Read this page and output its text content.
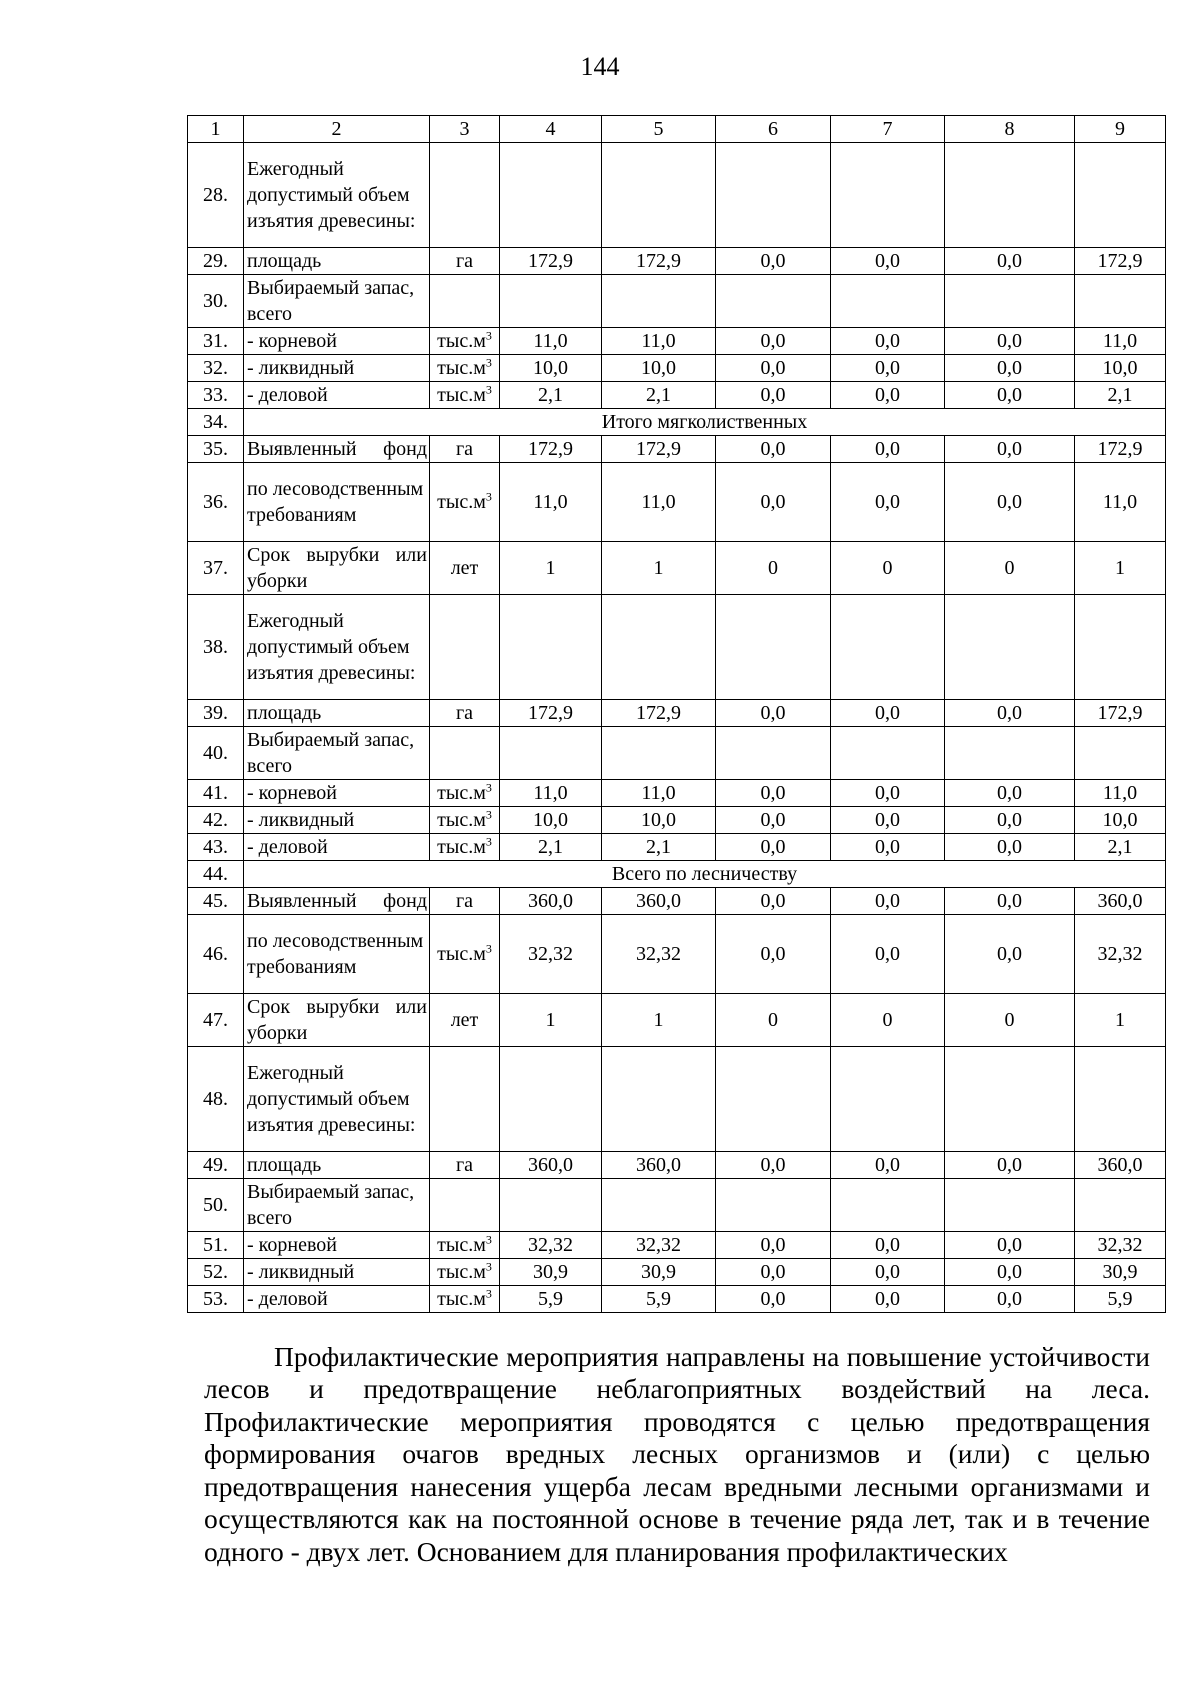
144
1	2	3	4	5	6	7	8	9
28.	Ежегодный допустимый объем изъятия древесины:							
29.	площадь	га	172,9	172,9	0,0	0,0	0,0	172,9
30.	Выбираемый запас, всего							
31.	- корневой	$тыс.м^3$	11,0	11,0	0,0	0,0	0,0	11,0
32.	- ликвидный	$тыс.м^3$	10,0	10,0	0,0	0,0	0,0	10,0
33.	- деловой	$тыс.м^3$	2,1	2,1	0,0	0,0	0,0	2,1
34.	Итого мягколиственных							
35.	Выявленный фонд	га	172,9	172,9	0,0	0,0	0,0	172,9
36.	по лесоводственным требованиям	$тыс.м^3$	11,0	11,0	0,0	0,0	0,0	11,0
37.	Срок вырубки или уборки	лет	1	1	0	0	0	1
38.	Ежегодный допустимый объем изъятия древесины:							
39.	площадь	га	172,9	172,9	0,0	0,0	0,0	172,9
40.	Выбираемый запас, всего							
41.	- корневой	$тыс.м^3$	11,0	11,0	0,0	0,0	0,0	11,0
42.	- ликвидный	$тыс.м^3$	10,0	10,0	0,0	0,0	0,0	10,0
43.	- деловой	$тыс.м^3$	2,1	2,1	0,0	0,0	0,0	2,1
44.	Всего по лесничеству							
45.	Выявленный фонд	га	360,0	360,0	0,0	0,0	0,0	360,0
46.	по лесоводственным требованиям	$тыс.м^3$	32,32	32,32	0,0	0,0	0,0	32,32
47.	Срок вырубки или уборки	лет	1	1	0	0	0	1
48.	Ежегодный допустимый объем изъятия древесины:							
49.	площадь	га	360,0	360,0	0,0	0,0	0,0	360,0
50.	Выбираемый запас, всего							
51.	- корневой	$тыс.м^3$	32,32	32,32	0,0	0,0	0,0	32,32
52.	- ликвидный	$тыс.м^3$	30,9	30,9	0,0	0,0	0,0	30,9
53.	- деловой	$тыс.м^3$	5,9	5,9	0,0	0,0	0,0	5,9

Профилактические мероприятия направлены на повышение устойчивости лесов и предотвращение неблагоприятных воздействий на леса. Профилактические мероприятия проводятся с целью предотвращения формирования очагов вредных лесных организмов и (или) с целью предотвращения нанесения ущерба лесам вредными лесными организмами и осуществляются как на постоянной основе в течение ряда лет, так и в течение одного - двух лет. Основанием для планирования профилактических
